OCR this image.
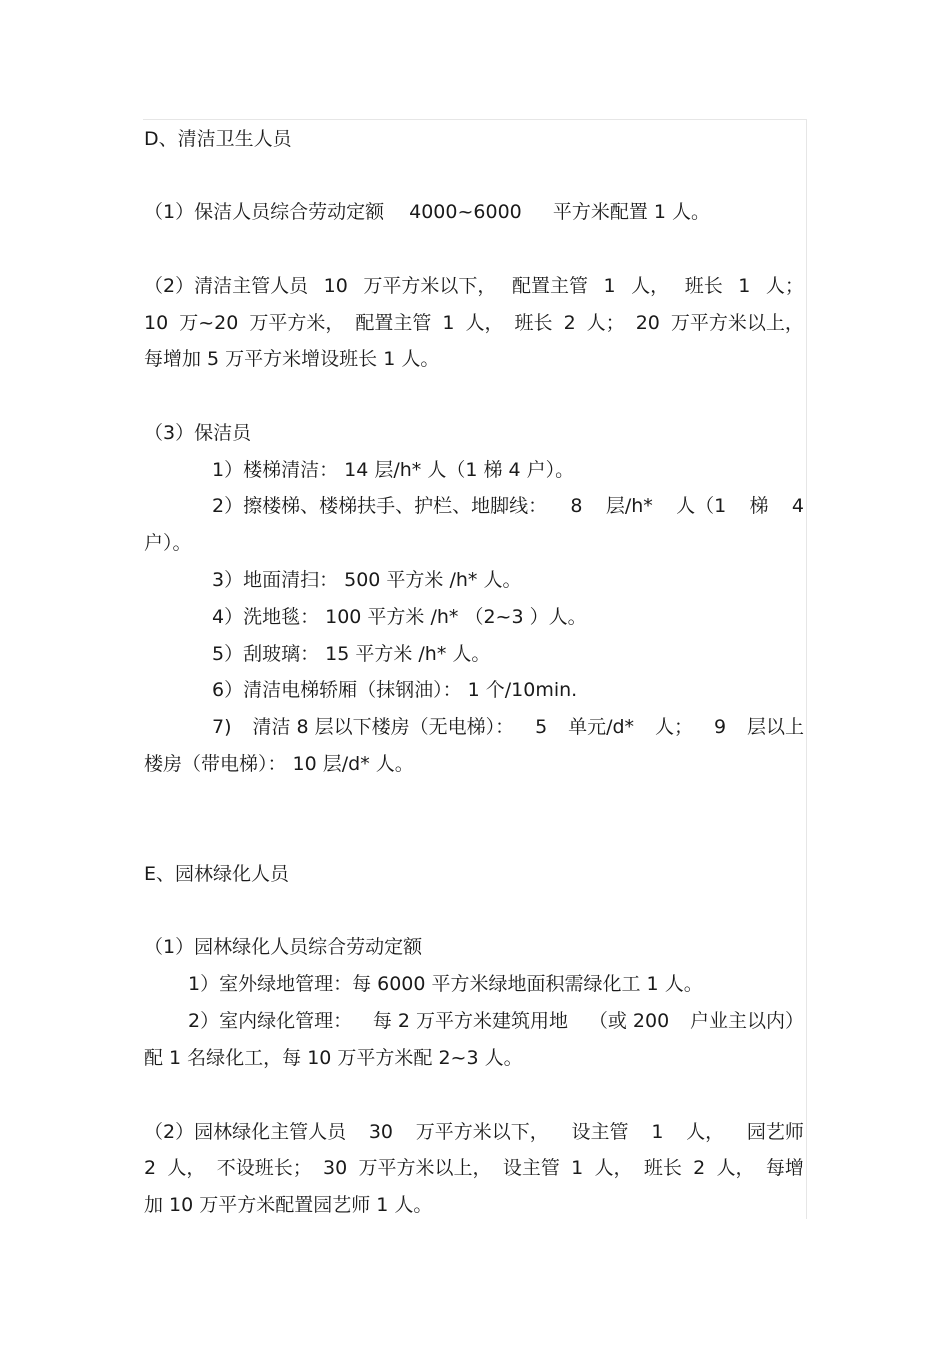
D、清洁卫生人员
（1）保洁人员综合劳动定额　 4000~6000 　 平方米配置 1 人。
（2）清洁主管人员 10 万平方米以下， 配置主管 1 人， 班长 1 人；
10 万~20 万平方米， 配置主管 1 人， 班长 2 人； 20 万平方米以上，
每增加 5 万平方米增设班长 1 人。
（3）保洁员
1）楼梯清洁： 14 层/h* 人（1 梯 4 户）。
2）擦楼梯、楼梯扶手、护栏、地脚线： 8 层/h* 人（1 梯 4
户）。
3）地面清扫： 500 平方米 /h* 人。
4）洗地毯： 100 平方米 /h* （2~3 ）人。
5）刮玻璃： 15 平方米 /h* 人。
6）清洁电梯轿厢（抹钢油）： 1 个/10min.
7) 清洁 8 层以下楼房（无电梯）： 5 单元/d* 人； 9 层以上
楼房（带电梯）： 10 层/d* 人。
E、园林绿化人员
（1）园林绿化人员综合劳动定额
1）室外绿地管理：每 6000 平方米绿地面积需绿化工 1 人。
2）室内绿化管理： 每 2 万平方米建筑用地 （或 200 户业主以内）
配 1 名绿化工，每 10 万平方米配 2~3 人。
（2）园林绿化主管人员 30 万平方米以下， 设主管 1 人， 园艺师
2 人， 不设班长； 30 万平方米以上， 设主管 1 人， 班长 2 人， 每增
加 10 万平方米配置园艺师 1 人。
